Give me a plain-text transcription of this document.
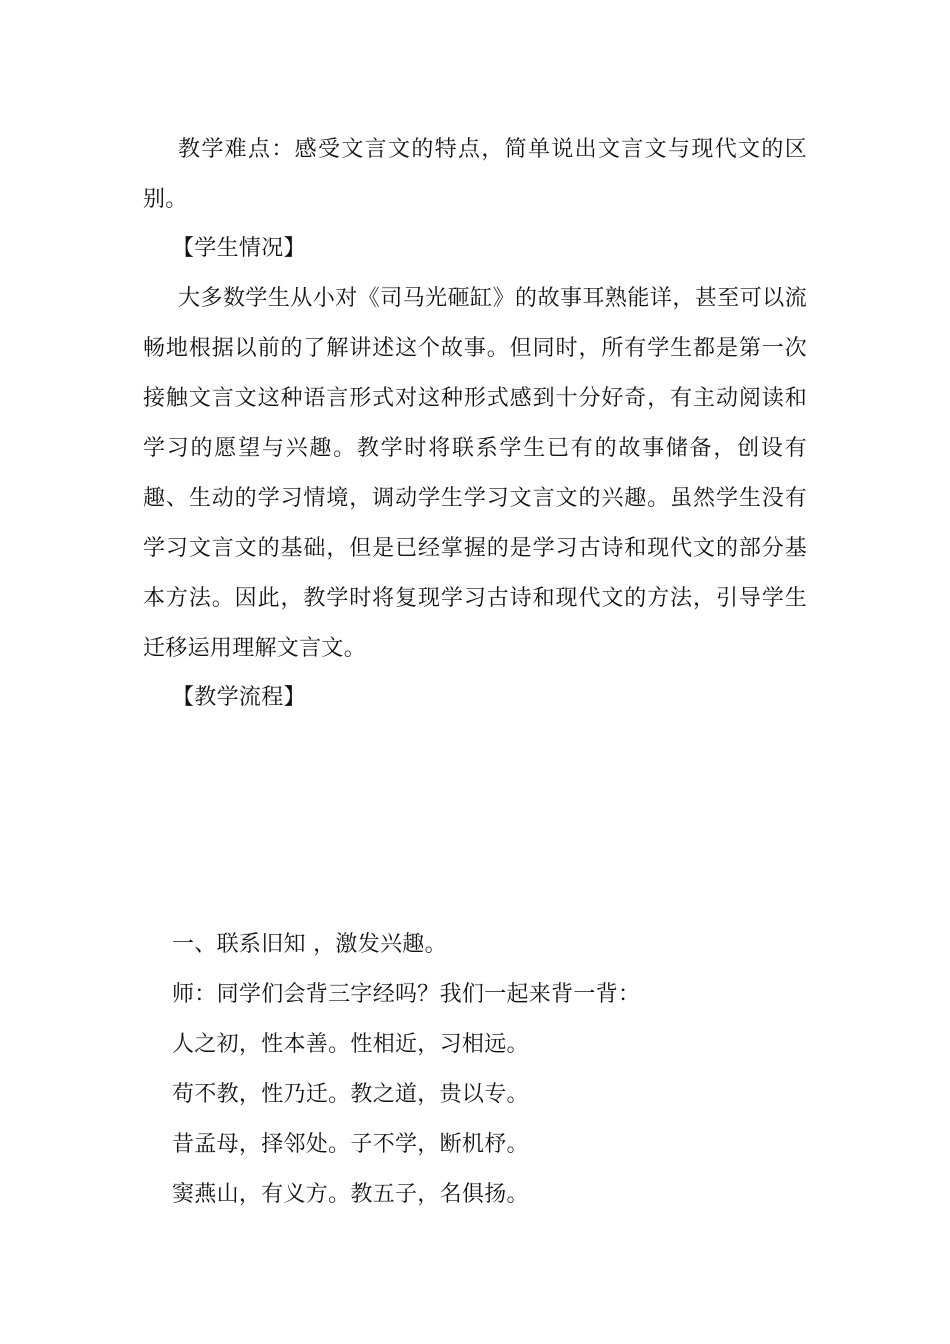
教学难点：感受文言文的特点，简单说出文言文与现代文的区别。

【学生情况】

大多数学生从小对《司马光砸缸》的故事耳熟能详，甚至可以流畅地根据以前的了解讲述这个故事。但同时，所有学生都是第一次接触文言文这种语言形式对这种形式感到十分好奇，有主动阅读和学习的愿望与兴趣。教学时将联系学生已有的故事储备，创设有趣、生动的学习情境，调动学生学习文言文的兴趣。虽然学生没有学习文言文的基础，但是已经掌握的是学习古诗和现代文的部分基本方法。因此，教学时将复现学习古诗和现代文的方法，引导学生迁移运用理解文言文。

【教学流程】

一、联系旧知 ，激发兴趣。

师：同学们会背三字经吗？我们一起来背一背：

人之初，性本善。性相近，习相远。

苟不教，性乃迁。教之道，贵以专。

昔孟母，择邻处。子不学，断机杼。

窦燕山，有义方。教五子，名俱扬。
